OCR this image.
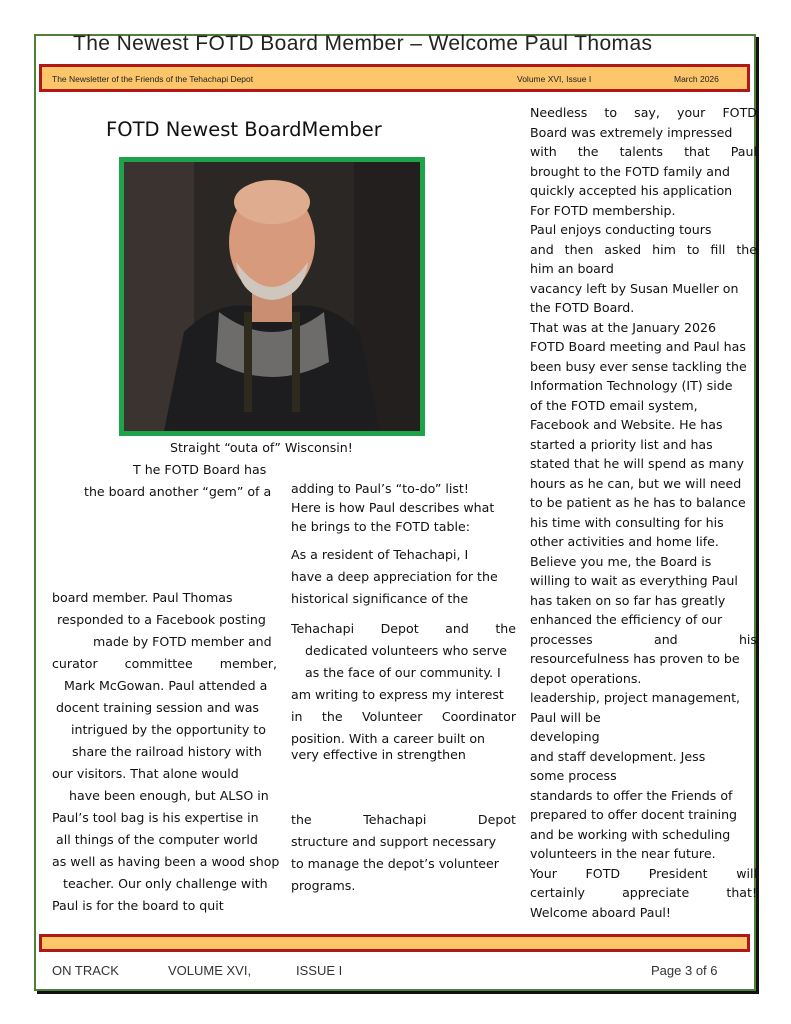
The Newest FOTD Board Member – Welcome Paul Thomas
The Newsletter of the Friends of the Tehachapi Depot	Volume XVI, Issue I	March 2026
FOTD Newest BoardMember
Straight “outa of” Wisconsin!
T he FOTD Board has
the board another “gem” of a
board member. Paul Thomas
responded to a Facebook posting
made by FOTD member and
curator committee member,
Mark McGowan. Paul attended a
docent training session and was
intrigued by the opportunity to
share the railroad history with
our visitors. That alone would
have been enough, but ALSO in
Paul’s tool bag is his expertise in
all things of the computer world
as well as having been a wood shop
teacher. Our only challenge with
Paul is for the board to quit
adding to Paul’s “to-do” list!
Here is how Paul describes what
he brings to the FOTD table:
As a resident of Tehachapi, I
have a deep appreciation for the
historical significance of the
Tehachapi Depot and the
dedicated volunteers who serve
as the face of our community. I
am writing to express my interest
in the Volunteer Coordinator
position. With a career built on very effective in strengthen
the Tehachapi Depot
structure and support necessary
to manage the depot’s volunteer
programs.
Needless to say, your FOTD
Board was extremely impressed
with the talents that Paul
brought to the FOTD family and
quickly accepted his application
For FOTD membership.
Paul enjoys conducting tours
and then asked him to fill the
him an board
vacancy left by Susan Mueller on
the FOTD Board.
That was at the January 2026
FOTD Board meeting and Paul has
been busy ever sense tackling the
Information Technology (IT) side
of the FOTD email system,
Facebook and Website. He has
started a priority list and has
stated that he will spend as many
hours as he can, but we will need
to be patient as he has to balance
his time with consulting for his
other activities and home life.
Believe you me, the Board is
willing to wait as everything Paul
has taken on so far has greatly
enhanced the efficiency of our
processes and his
resourcefulness has proven to be
depot operations.
leadership, project management,
Paul will be
developing
and staff development. Jess
some process
standards to offer the Friends of
prepared to offer docent training
and be working with scheduling
volunteers in the near future.
Your FOTD President will
certainly appreciate that!
Welcome aboard Paul!
ON TRACK	VOLUME XVI,	ISSUE I	Page 3 of 6
